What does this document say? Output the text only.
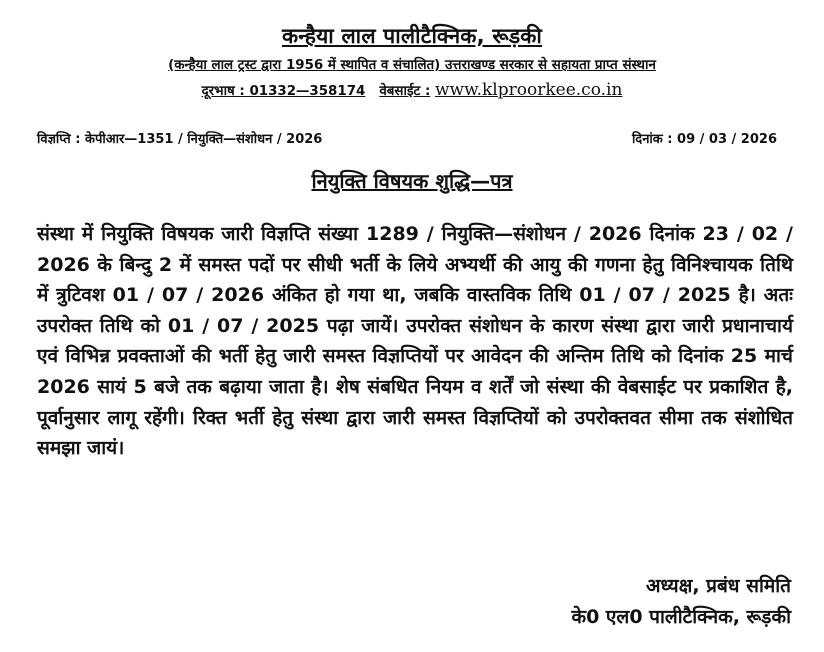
कन्हैया लाल पालीटैक्निक, रूड़की
(कन्हैया लाल ट्रस्ट द्वारा 1956 में स्थापित व संचालित) उत्तराखण्ड सरकार से सहायता प्राप्त संस्थान
दूरभाष : 01332—358174 वेबसाईट : www.klproorkee.co.in
विज्ञप्ति : केपीआर—1351 / नियुक्ति—संशोधन / 2026	दिनांक : 09 / 03 / 2026
नियुक्ति विषयक शुद्धि—पत्र
संस्था में नियुक्ति विषयक जारी विज्ञप्ति संख्या 1289 / नियुक्ति—संशोधन / 2026 दिनांक 23 / 02 / 2026 के बिन्दु 2 में समस्त पदों पर सीधी भर्ती के लिये अभ्यर्थी की आयु की गणना हेतु विनिश्चायक तिथि में त्रुटिवश 01 / 07 / 2026 अंकित हो गया था, जबकि वास्तविक तिथि 01 / 07 / 2025 है। अतः उपरोक्त तिथि को 01 / 07 / 2025 पढ़ा जायें। उपरोक्त संशोधन के कारण संस्था द्वारा जारी प्रधानाचार्य एवं विभिन्न प्रवक्ताओं की भर्ती हेतु जारी समस्त विज्ञप्तियों पर आवेदन की अन्तिम तिथि को दिनांक 25 मार्च 2026 सायं 5 बजे तक बढ़ाया जाता है। शेष संबधित नियम व शर्तें जो संस्था की वेबसाईट पर प्रकाशित है, पूर्वानुसार लागू रहेंगी। रिक्त भर्ती हेतु संस्था द्वारा जारी समस्त विज्ञप्तियों को उपरोक्तवत सीमा तक संशोधित समझा जायं।
अध्यक्ष, प्रबंध समिति
के0 एल0 पालीटैक्निक, रूड़की
